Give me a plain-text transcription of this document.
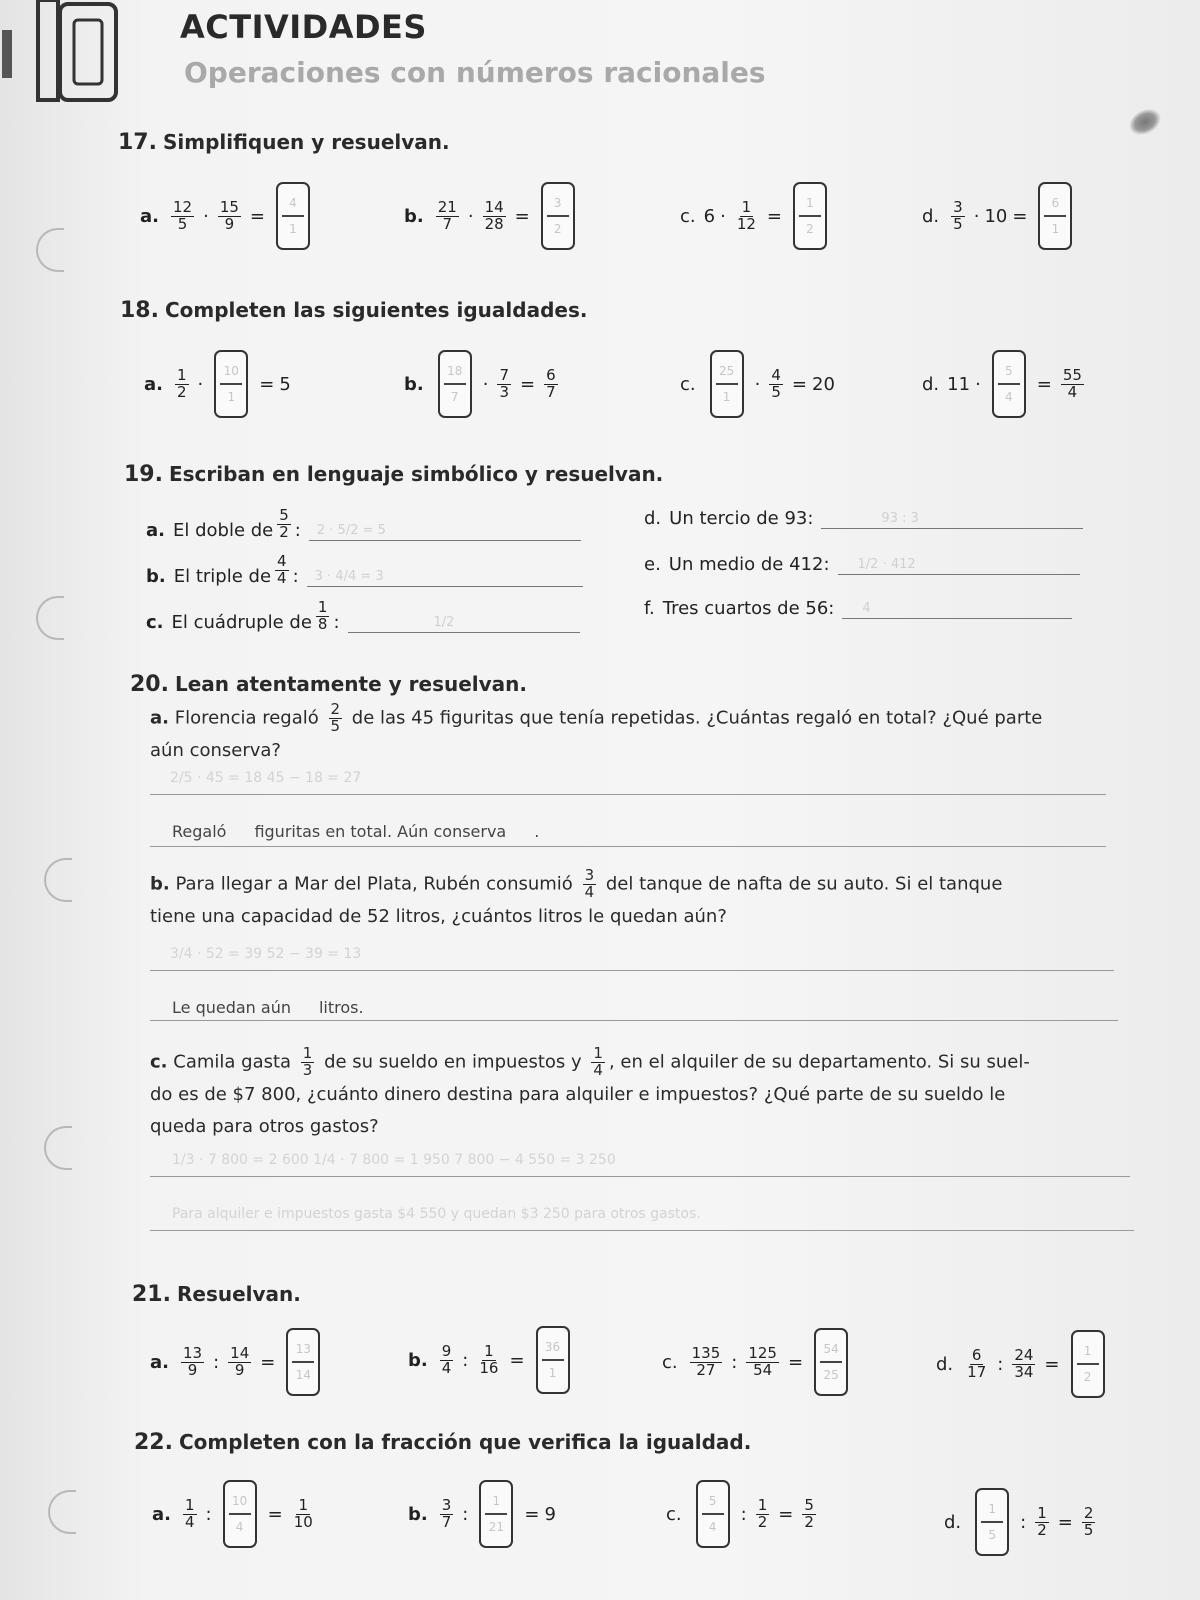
ACTIVIDADES
Operaciones con números racionales
17. Simplifiquen y resuelvan.
a. $\frac{12}{5} \cdot \frac{15}{9}$ =
4
1
b. $\frac{21}{7} \cdot \frac{14}{28}$ =
3
2
c. $6 \cdot \frac{1}{12}$ =
1
2
d. $\frac{3}{5} \cdot 10$ =
6
1
18. Completen las siguientes igualdades.
a. $\frac{1}{2}$ ·
10
1
= 5	b.
18
7
· $\frac{7}{3} = \frac{6}{7}$	c.
25
1
· $\frac{4}{5} = 20$	d. 11 ·
5
4
= $\frac{55}{4}$
19. Escriban en lenguaje simbólico y resuelvan.
a. El doble de $\frac{5}{2}$ : 2 · 5/2 = 5
b. El triple de $\frac{4}{4}$ : 3 · 4/4 = 3
c. El cuádruple de $\frac{1}{8}$ :	1/2
d. Un tercio de 93:	93 : 3
e. Un medio de 412: 1/2 · 412
f. Tres cuartos de 56: 4
20. Lean atentamente y resuelvan.
a. Florencia regaló $\frac{2}{5}$ de las 45 figuritas que tenía repetidas. ¿Cuántas regaló en total? ¿Qué parte
aún conserva?
2/5 · 45 = 18 45 − 18 = 27
Regaló figuritas en total. Aún conserva .
b. Para llegar a Mar del Plata, Rubén consumió $\frac{3}{4}$ del tanque de nafta de su auto. Si el tanque
tiene una capacidad de 52 litros, ¿cuántos litros le quedan aún?
3/4 · 52 = 39 52 − 39 = 13
Le quedan aún litros.
c. Camila gasta $\frac{1}{3}$ de su sueldo en impuestos y $\frac{1}{4}$ , en el alquiler de su departamento. Si su suel-
do es de $7 800, ¿cuánto dinero destina para alquiler e impuestos? ¿Qué parte de su sueldo le
queda para otros gastos?
1/3 · 7 800 = 2 600 1/4 · 7 800 = 1 950 7 800 − 4 550 = 3 250
Para alquiler e impuestos gasta $4 550 y quedan $3 250 para otros gastos.
21. Resuelvan.
a. $\frac{13}{9}$ : $\frac{14}{9}$ =
13
14
b. $\frac{9}{4}$ : $\frac{1}{16}$ =
36
1
c. $\frac{135}{27}$ : $\frac{125}{54}$ =
54
25
d. $\frac{6}{17}$ : $\frac{24}{34}$ =
1
2
22. Completen con la fracción que verifica la igualdad.
a. $\frac{1}{4}$ :
10
4
= $\frac{1}{10}$	b. $\frac{3}{7}$ :
1
21
= 9	c.
5
4
: $\frac{1}{2} = \frac{5}{2}$	d.
1
5
: $\frac{1}{2} = \frac{2}{5}$
